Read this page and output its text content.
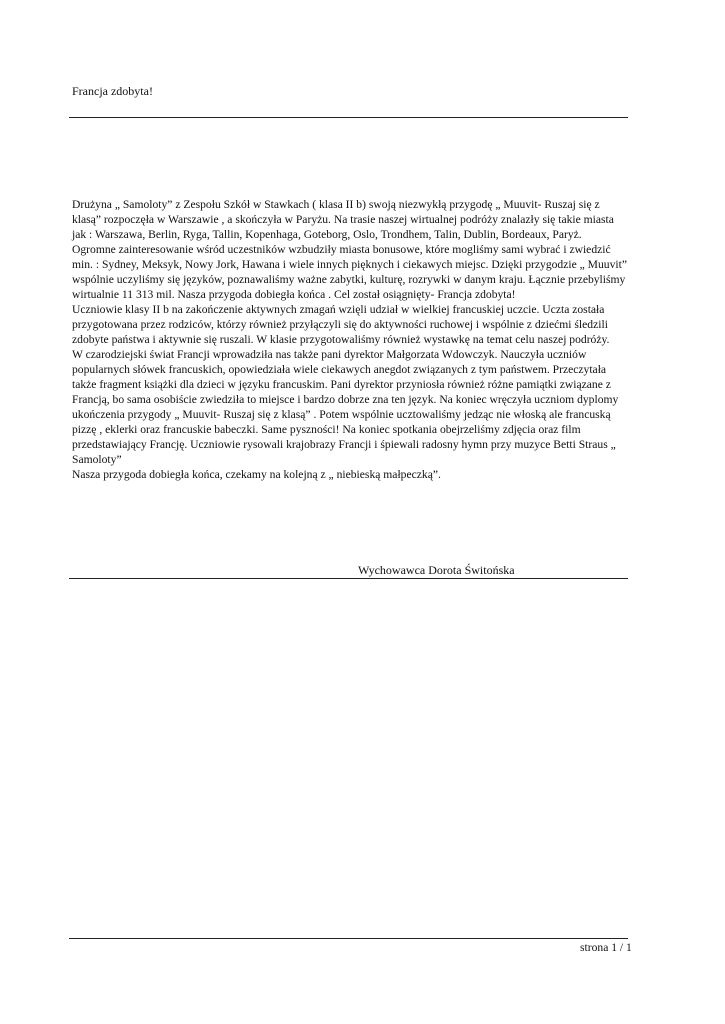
Francja zdobyta!
Drużyna „ Samoloty” z Zespołu Szkół w Stawkach ( klasa II b) swoją niezwykłą przygodę „ Muuvit- Ruszaj się z
klasą” rozpoczęła w Warszawie , a skończyła w Paryżu. Na trasie naszej wirtualnej podróży znalazły się takie miasta
jak : Warszawa, Berlin, Ryga, Tallin, Kopenhaga, Goteborg, Oslo, Trondhem, Talin, Dublin, Bordeaux, Paryż.
Ogromne zainteresowanie wśród uczestników wzbudziły miasta bonusowe, które mogliśmy sami wybrać i zwiedzić
min. : Sydney, Meksyk, Nowy Jork, Hawana i wiele innych pięknych i ciekawych miejsc. Dzięki przygodzie „ Muuvit”
wspólnie uczyliśmy się języków, poznawaliśmy ważne zabytki, kulturę, rozrywki w danym kraju. Łącznie przebyliśmy
wirtualnie 11 313 mil. Nasza przygoda dobiegła końca . Cel został osiągnięty- Francja zdobyta!
Uczniowie klasy II b na zakończenie aktywnych zmagań wzięli udział w wielkiej francuskiej uczcie. Uczta została
przygotowana przez rodziców, którzy również przyłączyli się do aktywności ruchowej i wspólnie z dziećmi śledzili
zdobyte państwa i aktywnie się ruszali. W klasie przygotowaliśmy również wystawkę na temat celu naszej podróży.
W czarodziejski świat Francji wprowadziła nas także pani dyrektor Małgorzata Wdowczyk. Nauczyła uczniów
popularnych słówek francuskich, opowiedziała wiele ciekawych anegdot związanych z tym państwem. Przeczytała
także fragment książki dla dzieci w języku francuskim. Pani dyrektor przyniosła również różne pamiątki związane z
Francją, bo sama osobiście zwiedziła to miejsce i bardzo dobrze zna ten język. Na koniec wręczyła uczniom dyplomy
ukończenia przygody „ Muuvit- Ruszaj się z klasą” . Potem wspólnie ucztowaliśmy jedząc nie włoską ale francuską
pizzę , eklerki oraz francuskie babeczki. Same pyszności! Na koniec spotkania obejrzeliśmy zdjęcia oraz film
przedstawiający Francję. Uczniowie rysowali krajobrazy Francji i śpiewali radosny hymn przy muzyce Betti Straus „
Samoloty”
Nasza przygoda dobiegła końca, czekamy na kolejną z „ niebieską małpeczką”.
Wychowawca Dorota Świtońska
strona 1 / 1
